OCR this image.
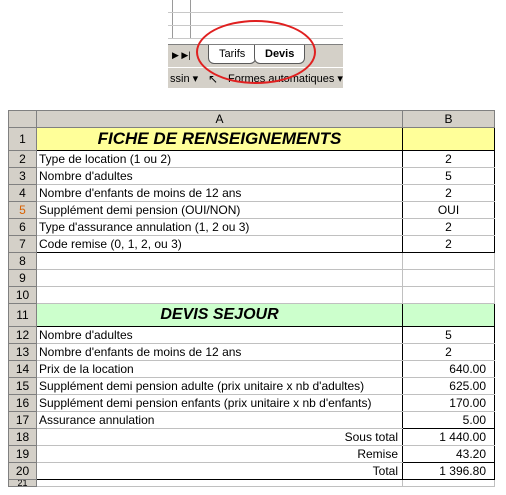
▶ ▶|	Tarifs	Devis
ssin ▾ ↖ Formes automatiques ▾
	A	B
1	FICHE DE RENSEIGNEMENTS	
2	Type de location (1 ou 2)	2
3	Nombre d'adultes	5
4	Nombre d'enfants de moins de 12 ans	2
5	Supplément demi pension (OUI/NON)	OUI
6	Type d'assurance annulation (1, 2 ou 3)	2
7	Code remise (0, 1, 2, ou 3)	2
8		
9		
10		
11	DEVIS SEJOUR	
12	Nombre d'adultes	5
13	Nombre d'enfants de moins de 12 ans	2
14	Prix de la location	640.00
15	Supplément demi pension adulte (prix unitaire x nb d'adultes)	625.00
16	Supplément demi pension enfants (prix unitaire x nb d'enfants)	170.00
17	Assurance annulation	5.00
18	Sous total	1 440.00
19	Remise	43.20
20	Total	1 396.80
21		
